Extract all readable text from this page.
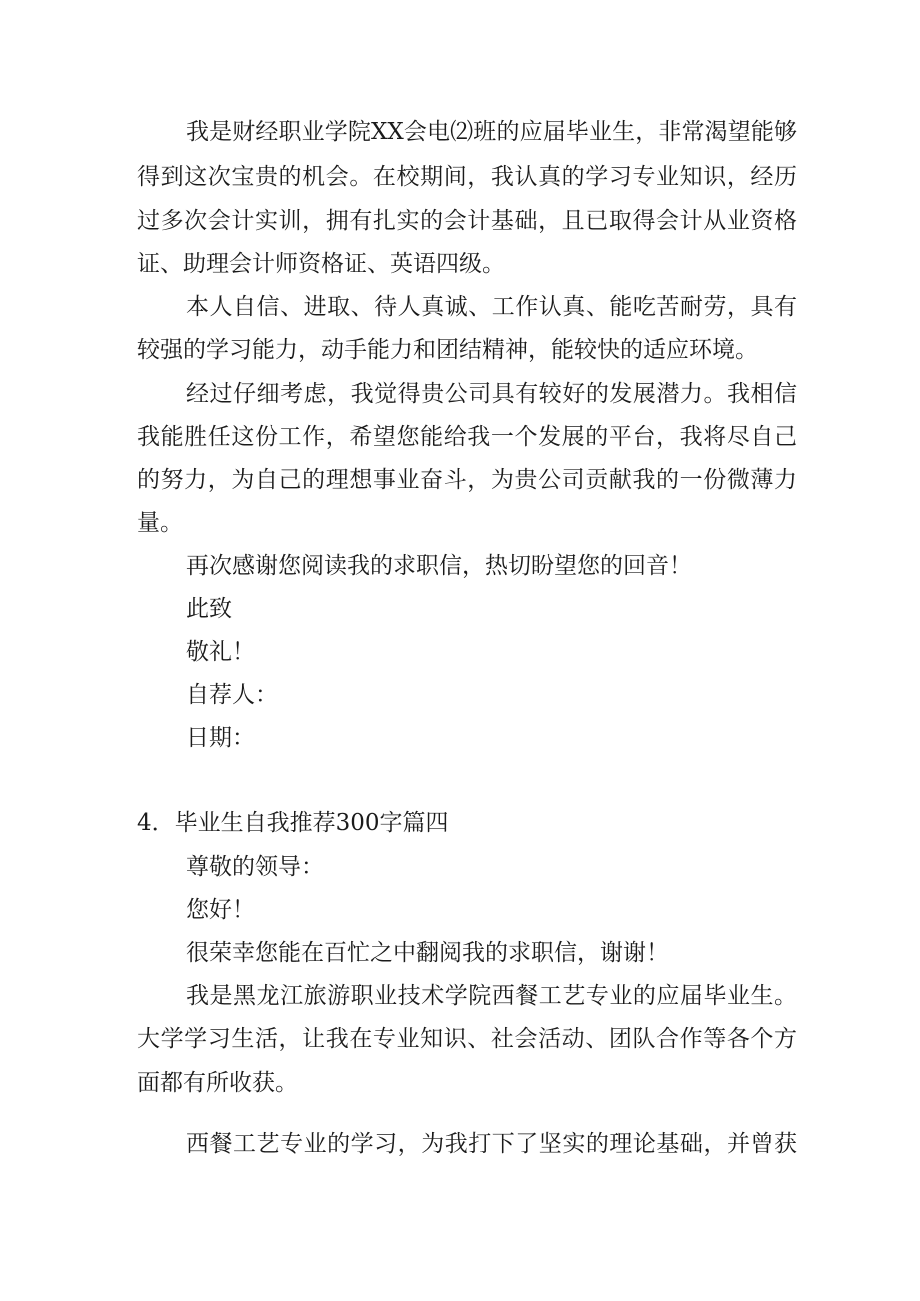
我是财经职业学院XX会电⑵班的应届毕业生，非常渴望能够
得到这次宝贵的机会。在校期间，我认真的学习专业知识，经历
过多次会计实训，拥有扎实的会计基础，且已取得会计从业资格
证、助理会计师资格证、英语四级。
本人自信、进取、待人真诚、工作认真、能吃苦耐劳，具有
较强的学习能力，动手能力和团结精神，能较快的适应环境。
经过仔细考虑，我觉得贵公司具有较好的发展潜力。我相信
我能胜任这份工作，希望您能给我一个发展的平台，我将尽自己
的努力，为自己的理想事业奋斗，为贵公司贡献我的一份微薄力
量。
再次感谢您阅读我的求职信，热切盼望您的回音！
此致
敬礼！
自荐人：
日期：
4．毕业生自我推荐300字篇四
尊敬的领导：
您好！
很荣幸您能在百忙之中翻阅我的求职信，谢谢！
我是黑龙江旅游职业技术学院西餐工艺专业的应届毕业生。
大学学习生活，让我在专业知识、社会活动、团队合作等各个方
面都有所收获。
西餐工艺专业的学习，为我打下了坚实的理论基础，并曾获
